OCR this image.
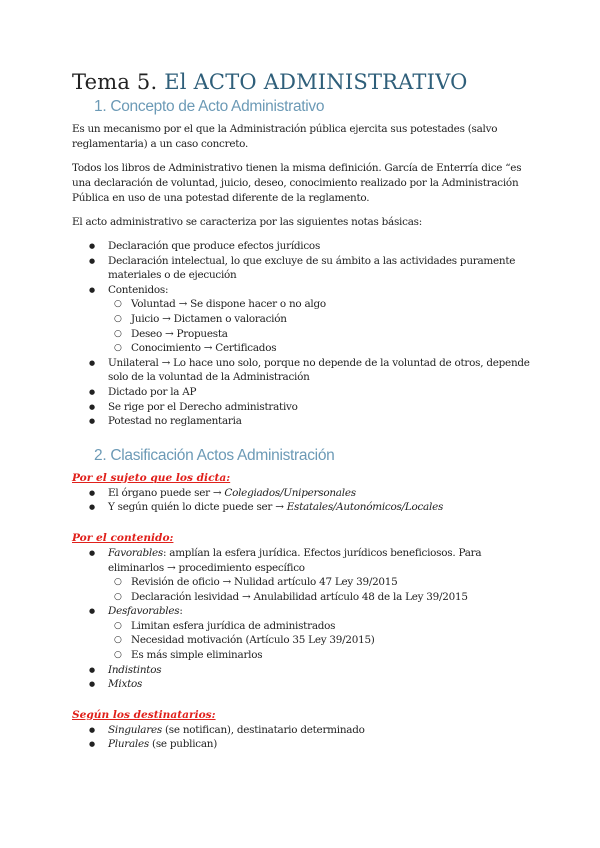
Tema 5. El ACTO ADMINISTRATIVO
1. Concepto de Acto Administrativo

Es un mecanismo por el que la Administración pública ejercita sus potestades (salvo reglamentaria) a un caso concreto.

Todos los libros de Administrativo tienen la misma definición. García de Enterría dice “es una declaración de voluntad, juicio, deseo, conocimiento realizado por la Administración Pública en uso de una potestad diferente de la reglamento.

El acto administrativo se caracteriza por las siguientes notas básicas:

● Declaración que produce efectos jurídicos
● Declaración intelectual, lo que excluye de su ámbito a las actividades puramente materiales o de ejecución
● Contenidos:
○ Voluntad → Se dispone hacer o no algo
○ Juicio → Dictamen o valoración
○ Deseo → Propuesta
○ Conocimiento → Certificados
● Unilateral → Lo hace uno solo, porque no depende de la voluntad de otros, depende solo de la voluntad de la Administración
● Dictado por la AP
● Se rige por el Derecho administrativo
● Potestad no reglamentaria
2. Clasificación Actos Administración
Por el sujeto que los dicta:
● El órgano puede ser → Colegiados/Unipersonales
● Y según quién lo dicte puede ser → Estatales/Autonómicos/Locales
Por el contenido:
● Favorables: amplían la esfera jurídica. Efectos jurídicos beneficiosos. Para eliminarlos → procedimiento específico
○ Revisión de oficio → Nulidad artículo 47 Ley 39/2015
○ Declaración lesividad → Anulabilidad artículo 48 de la Ley 39/2015
● Desfavorables:
○ Limitan esfera jurídica de administrados
○ Necesidad motivación (Artículo 35 Ley 39/2015)
○ Es más simple eliminarlos
● Indistintos
● Mixtos
Según los destinatarios:
● Singulares (se notifican), destinatario determinado
● Plurales (se publican)
